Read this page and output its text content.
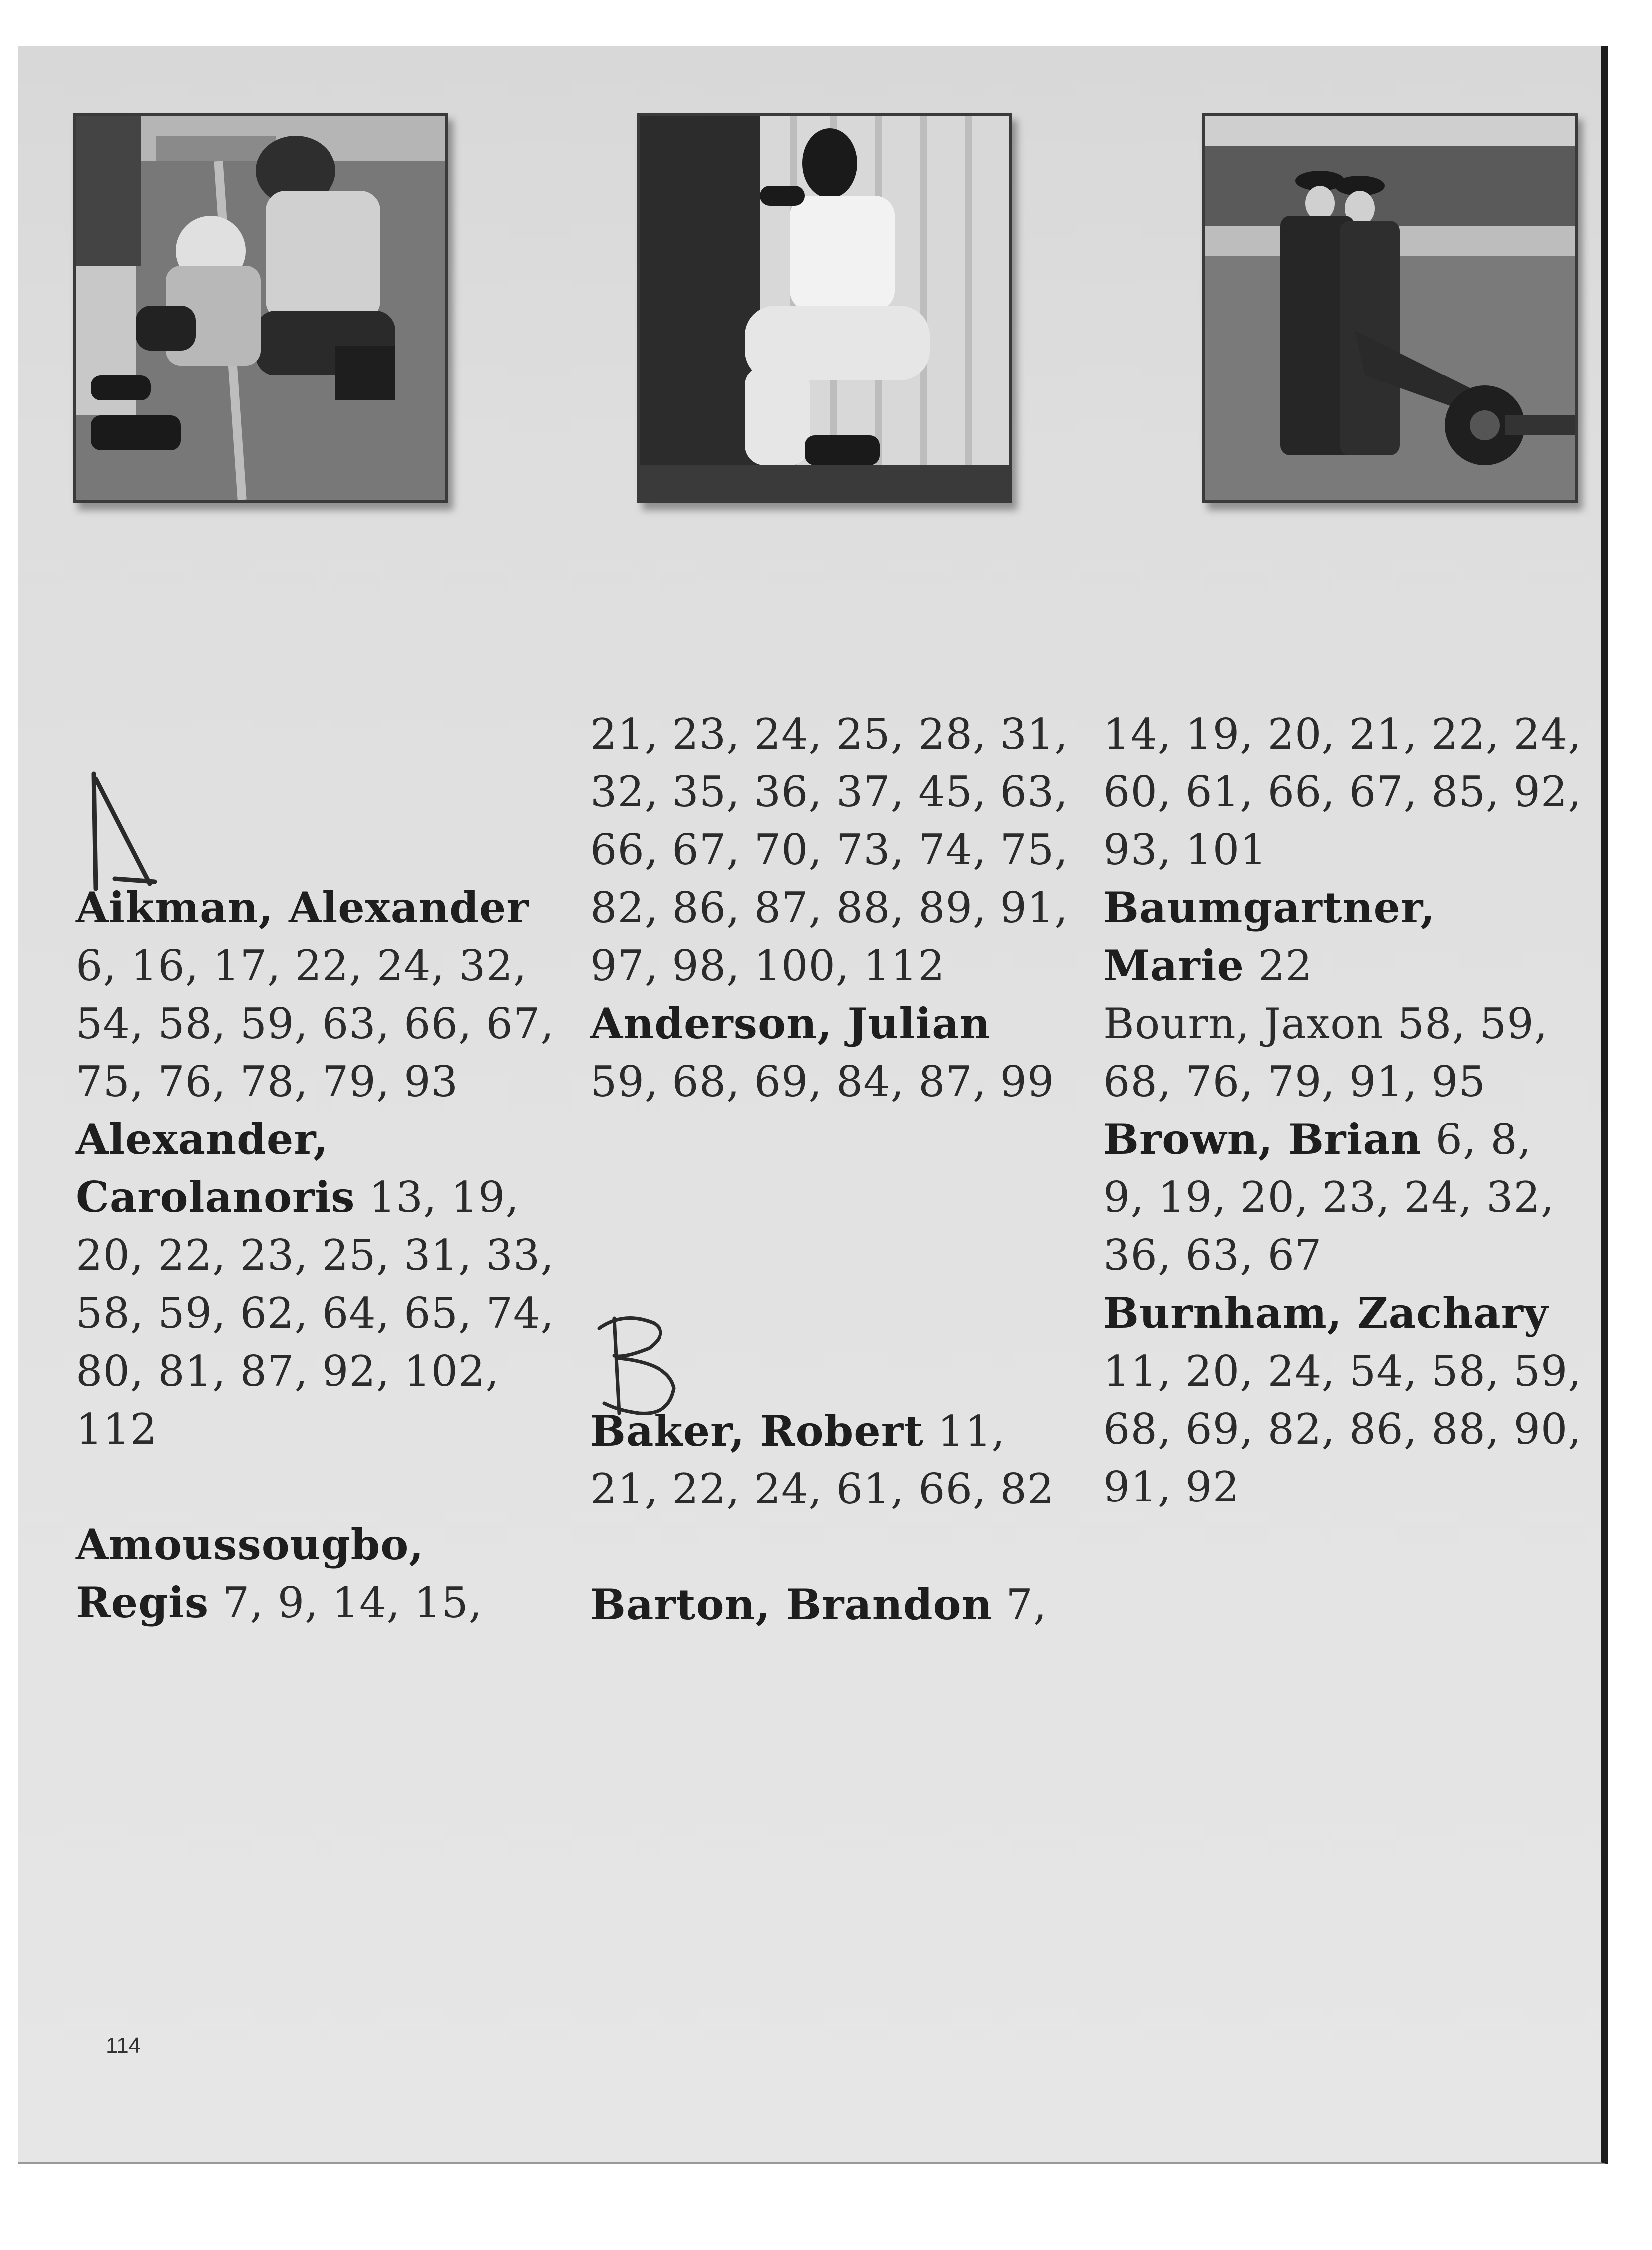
Aikman, Alexander
6, 16, 17, 22, 24, 32, 54, 58, 59, 63, 66, 67, 75, 76, 78, 79, 93
Alexander, Carolanoris 13, 19, 20, 22, 23, 25, 31, 33, 58, 59, 62, 64, 65, 74, 80, 81, 87, 92, 102, 112
Amoussougbo, Regis 7, 9, 14, 15,
21, 23, 24, 25, 28, 31, 32, 35, 36, 37, 45, 63, 66, 67, 70, 73, 74, 75, 82, 86, 87, 88, 89, 91, 97, 98, 100, 112
Anderson, Julian
59, 68, 69, 84, 87, 99
Baker, Robert 11, 21, 22, 24, 61, 66, 82
Barton, Brandon 7,
14, 19, 20, 21, 22, 24, 60, 61, 66, 67, 85, 92, 93, 101
Baumgartner, Marie 22
Bourn, Jaxon 58, 59, 68, 76, 79, 91, 95
Brown, Brian 6, 8, 9, 19, 20, 23, 24, 32, 36, 63, 67
Burnham, Zachary
11, 20, 24, 54, 58, 59, 68, 69, 82, 86, 88, 90, 91, 92
114
